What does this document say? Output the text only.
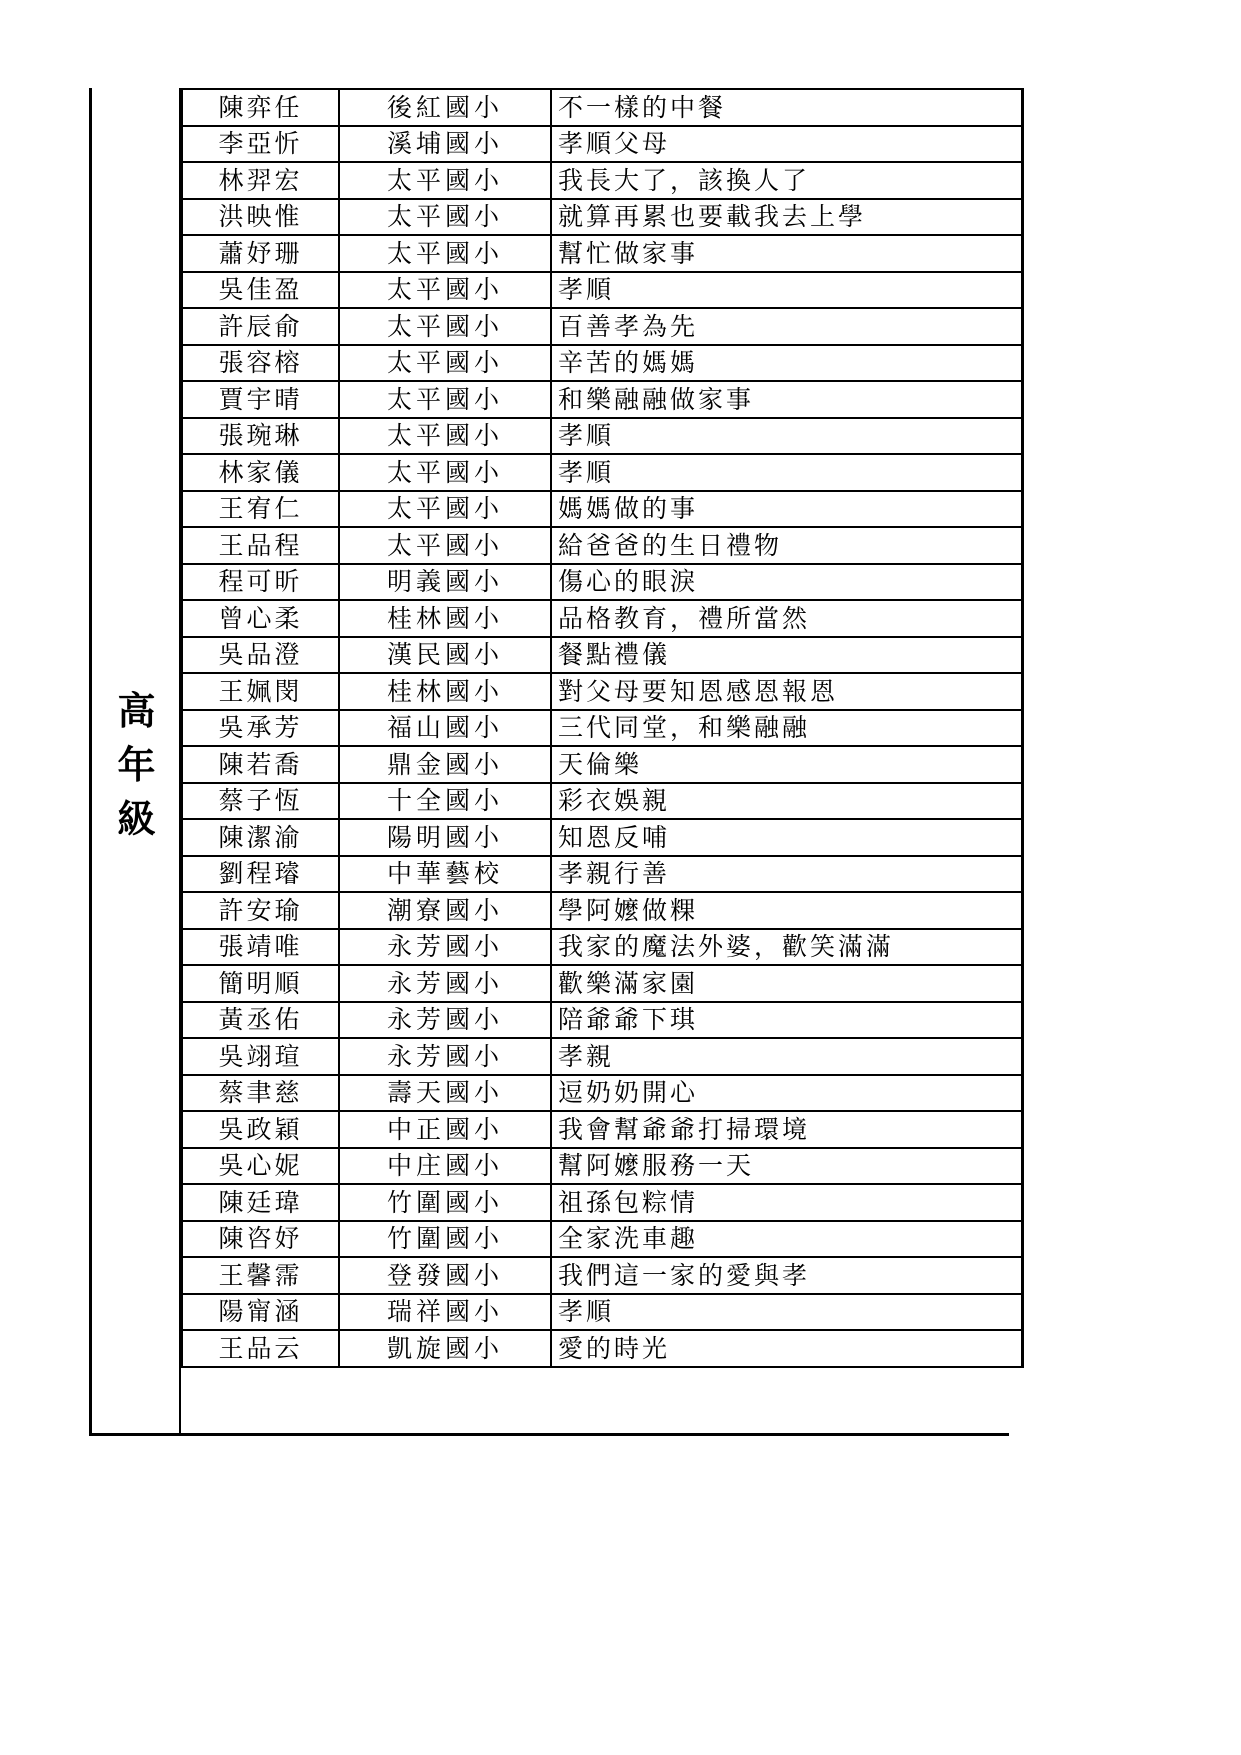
高
年
級
陳弈任	後紅國小	不一樣的中餐
李亞忻	溪埔國小	孝順父母
林羿宏	太平國小	我長大了，該換人了
洪映惟	太平國小	就算再累也要載我去上學
蕭妤珊	太平國小	幫忙做家事
吳佳盈	太平國小	孝順
許辰俞	太平國小	百善孝為先
張容榕	太平國小	辛苦的媽媽
賈宇晴	太平國小	和樂融融做家事
張琬琳	太平國小	孝順
林家儀	太平國小	孝順
王宥仁	太平國小	媽媽做的事
王品程	太平國小	給爸爸的生日禮物
程可昕	明義國小	傷心的眼淚
曾心柔	桂林國小	品格教育，禮所當然
吳品澄	漢民國小	餐點禮儀
王姵閔	桂林國小	對父母要知恩感恩報恩
吳承芳	福山國小	三代同堂，和樂融融
陳若喬	鼎金國小	天倫樂
蔡子恆	十全國小	彩衣娛親
陳潔渝	陽明國小	知恩反哺
劉程璿	中華藝校	孝親行善
許安瑜	潮寮國小	學阿嬤做粿
張靖唯	永芳國小	我家的魔法外婆，歡笑滿滿
簡明順	永芳國小	歡樂滿家園
黃丞佑	永芳國小	陪爺爺下琪
吳翊瑄	永芳國小	孝親
蔡聿慈	壽天國小	逗奶奶開心
吳政穎	中正國小	我會幫爺爺打掃環境
吳心妮	中庄國小	幫阿嬤服務一天
陳廷瑋	竹圍國小	祖孫包粽情
陳咨妤	竹圍國小	全家洗車趣
王馨霈	登發國小	我們這一家的愛與孝
陽甯涵	瑞祥國小	孝順
王品云	凱旋國小	愛的時光
